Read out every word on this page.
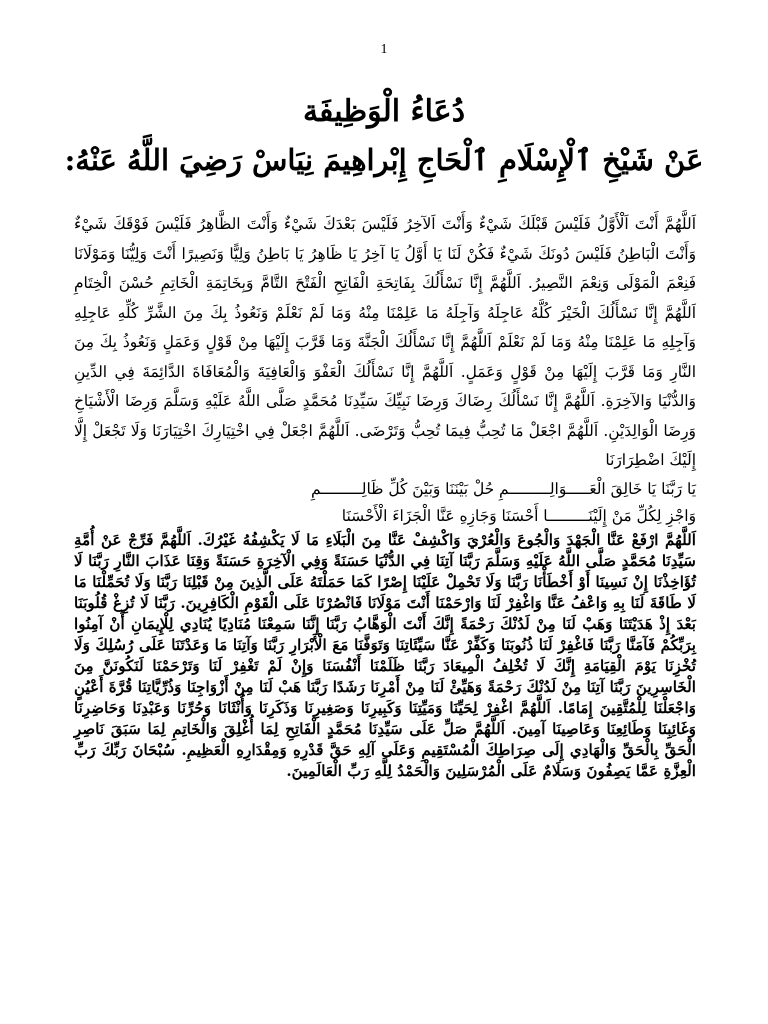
1
دُعَاءُ الْوَظِيفَة
عَنْ شَيْخِ ٱلْإِسْلَامِ ٱلْحَاجِ إِبْراهِيمَ نِيَاسْ رَضِيَ اللَّهُ عَنْهُ:

اَللَّهُمَّ أَنْتَ اَلْأَوَّلُ فَلَيْسَ قَبْلَكَ شَيْءٌ وَأَنْتَ اَلآخِرُ فَلَيْسَ بَعْدَكَ شَيْءٌ وَأَنْتَ الظَّاهِرُ فَلَيْسَ فَوْقَكَ شَيْءٌ وَأَنْتَ الْبَاطِنُ فَلَيْسَ دُونَكَ شَيْءٌ فَكُنْ لَنَا يَا أَوَّلُ يَا آخِرُ يَا ظَاهِرُ يَا بَاطِنُ وَلِيًّا وَنَصِيرًا أَنْتَ وَلِيُّنَا وَمَوْلَانَا فَنِعْمَ الْمَوْلَى وَنِعْمَ النَّصِيرُ. اَللَّهُمَّ إِنَّا نَسْأَلُكَ بِفَاتِحَةِ الْفَاتِحِ الْفَتْحَ التَّامَّ وَبِخَاتِمَةِ الْخَاتِمِ حُسْنَ الْخِتَامِ اَللَّهُمَّ إِنَّا نَسْأَلُكَ الْخَيْرَ كُلَّهُ عَاجِلَهُ وَآجِلَهُ مَا عَلِمْنَا مِنْهُ وَمَا لَمْ نَعْلَمْ وَنَعُوذُ بِكَ مِنَ الشَّرِّ كُلِّهِ عَاجِلِهِ وَآجِلِهِ مَا عَلِمْنَا مِنْهُ وَمَا لَمْ نَعْلَمْ اَللَّهُمَّ إِنَّا نَسْأَلُكَ الْجَنَّةَ وَمَا قَرَّبَ إِلَيْهَا مِنْ قَوْلٍ وَعَمَلٍ وَنَعُوذُ بِكَ مِنَ النَّارِ وَمَا قَرَّبَ إِلَيْهَا مِنْ قَوْلٍ وَعَمَلٍ. اَللَّهُمَّ إِنَّا نَسْأَلُكَ الْعَفْوَ وَالْعَافِيَةَ وَالْمُعَافَاةَ الدَّائِمَةَ فِي الدِّينِ وَالدُّنْيَا وَالآخِرَةِ. اَللَّهُمَّ إِنَّا نَسْأَلُكَ رِضَاكَ وَرِضَا نَبِيِّكَ سَيِّدِنَا مُحَمَّدٍ صَلَّى اللَّهُ عَلَيْهِ وَسَلَّمَ وَرِضَا الْأَشْيَاخِ وَرِضَا الْوَالِدَيْنِ. اَللَّهُمَّ اجْعَلْ مَا تُحِبُّ فِيمَا تُحِبُّ وَتَرْضَى. اَللَّهُمَّ اجْعَلْ فِي اخْتِيَارِكَ اخْتِيَارَنَا وَلَا تَجْعَلْ إِلَّا إِلَيْكَ اضْطِرَارَنَا

يَا رَبَّنَا يَا خَالِقَ الْعَـــــوَالِـــــــــمِ حُلْ بَيْنَنَا وَبَيْنَ كُلِّ ظَالِـــــــــمِ

وَاجْزِ لِكُلِّ مَنْ إِلَيْنَـــــــــا أَحْسَنَا وَجَازِهِ عَنَّا الْجَزَاءَ الْأَحْسَنَا

اَللَّهُمَّ ارْفَعْ عَنَّا الْجَهْدَ وَالْجُوعَ وَالْعُرْيَ وَاكْشِفْ عَنَّا مِنَ الْبَلَاءِ مَا لَا يَكْشِفُهُ غَيْرُكَ. اَللَّهُمَّ فَرِّجْ عَنْ أُمَّةِ سَيِّدِنَا مُحَمَّدٍ صَلَّى اللَّهُ عَلَيْهِ وَسَلَّمَ رَبَّنَا آتِنَا فِي الدُّنْيَا حَسَنَةً وَفِي الْآخِرَةِ حَسَنَةً وَقِنَا عَذَابَ النَّارِ رَبَّنَا لَا تُؤَاخِذْنَا إِنْ نَسِينَا أَوْ أَخْطَأْنَا رَبَّنَا وَلَا تَحْمِلْ عَلَيْنَا إِصْرًا كَمَا حَمَلْتَهُ عَلَى الَّذِينَ مِنْ قَبْلِنَا رَبَّنَا وَلَا تُحَمِّلْنَا مَا لَا طَاقَةَ لَنَا بِهِ وَاعْفُ عَنَّا وَاغْفِرْ لَنَا وَارْحَمْنَا أَنْتَ مَوْلَانَا فَانْصُرْنَا عَلَى الْقَوْمِ الْكَافِرِينَ. رَبَّنَا لَا تُزِغْ قُلُوبَنَا بَعْدَ إِذْ هَدَيْتَنَا وَهَبْ لَنَا مِنْ لَدُنْكَ رَحْمَةً إِنَّكَ أَنْتَ الْوَهَّابُ رَبَّنَا إِنَّنَا سَمِعْنَا مُنَادِيًا يُنَادِي لِلْإِيمَانِ أَنْ آمِنُوا بِرَبِّكُمْ فَآمَنَّا رَبَّنَا فَاغْفِرْ لَنَا ذُنُوبَنَا وَكَفِّرْ عَنَّا سَيِّئَاتِنَا وَتَوَفَّنَا مَعَ الْأَبْرَارِ رَبَّنَا وَآتِنَا مَا وَعَدْتَنَا عَلَى رُسُلِكَ وَلَا تُخْزِنَا يَوْمَ الْقِيَامَةِ إِنَّكَ لَا تُخْلِفُ الْمِيعَادَ رَبَّنَا ظَلَمْنَا أَنْفُسَنَا وَإِنْ لَمْ تَغْفِرْ لَنَا وَتَرْحَمْنَا لَنَكُونَنَّ مِنَ الْخَاسِرِينَ رَبَّنَا آتِنَا مِنْ لَدُنْكَ رَحْمَةً وَهَيِّئْ لَنَا مِنْ أَمْرِنَا رَشَدًا رَبَّنَا هَبْ لَنَا مِنْ أَزْوَاجِنَا وَذُرِّيَّاتِنَا قُرَّةَ أَعْيُنٍ وَاجْعَلْنَا لِلْمُتَّقِينَ إِمَامًا. اَللَّهُمَّ اغْفِرْ لِحَيِّنَا وَمَيِّتِنَا وَكَبِيرِنَا وَصَغِيرِنَا وَذَكَرِنَا وَأُنْثَانَا وَحُرِّنَا وَعَبْدِنَا وَحَاضِرِنَا وَغَائِبِنَا وَطَائِعِنَا وَعَاصِينَا آمِينَ. اَللَّهُمَّ صَلِّ عَلَى سَيِّدِنَا مُحَمَّدٍ الْفَاتِحِ لِمَا أُغْلِقَ وَالْخَاتِمِ لِمَا سَبَقَ نَاصِرِ الْحَقِّ بِالْحَقِّ وَالْهَادِي إِلَى صِرَاطِكَ الْمُسْتَقِيمِ وَعَلَى آلِهِ حَقَّ قَدْرِهِ وَمِقْدَارِهِ الْعَظِيمِ. سُبْحَانَ رَبِّكَ رَبِّ الْعِزَّةِ عَمَّا يَصِفُونَ وَسَلَامٌ عَلَى الْمُرْسَلِينَ وَالْحَمْدُ لِلَّهِ رَبِّ الْعَالَمِينَ.
